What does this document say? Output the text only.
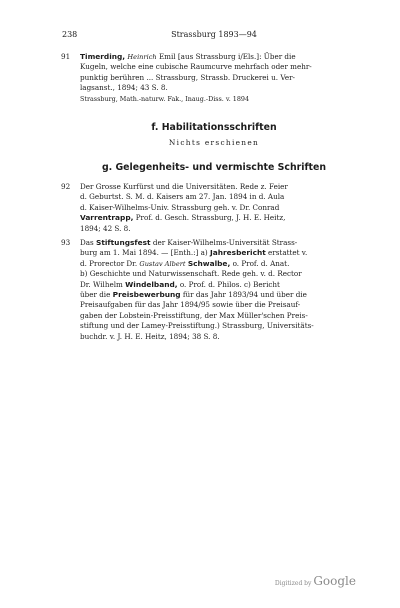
238	Strassburg 1893—94
91	Timerding, Heinrich Emil [aus Strassburg i/Els.]: Über die
Kugeln, welche eine cubische Raumcurve mehrfach oder mehr-
punktig berühren ... Strassburg, Strassb. Druckerei u. Ver-
lagsanst., 1894; 43 S. 8.
Strassburg, Math.-naturw. Fak., Inaug.-Diss. v. 1894
f. Habilitationsschriften
Nichts erschienen
g. Gelegenheits- und vermischte Schriften
92	Der Grosse Kurfürst und die Universitäten. Rede z. Feier
d. Geburtst. S. M. d. Kaisers am 27. Jan. 1894 in d. Aula
d. Kaiser-Wilhelms-Univ. Strassburg geh. v. Dr. Conrad
Varrentrapp, Prof. d. Gesch. Strassburg, J. H. E. Heitz,
1894; 42 S. 8.
93	Das Stiftungsfest der Kaiser-Wilhelms-Universität Strass-
burg am 1. Mai 1894. — [Enth.:] a) Jahresbericht erstattet v.
d. Prorector Dr. Gustav Albert Schwalbe, o. Prof. d. Anat.
b) Geschichte und Naturwissenschaft. Rede geh. v. d. Rector
Dr. Wilhelm Windelband, o. Prof. d. Philos. c) Bericht
über die Preisbewerbung für das Jahr 1893/94 und über die
Preisaufgaben für das Jahr 1894/95 sowie über die Preisauf-
gaben der Lobstein-Preisstiftung, der Max Müller'schen Preis-
stiftung und der Lamey-Preisstiftung.) Strassburg, Universitäts-
buchdr. v. J. H. E. Heitz, 1894; 38 S. 8.
Digitized by Google
